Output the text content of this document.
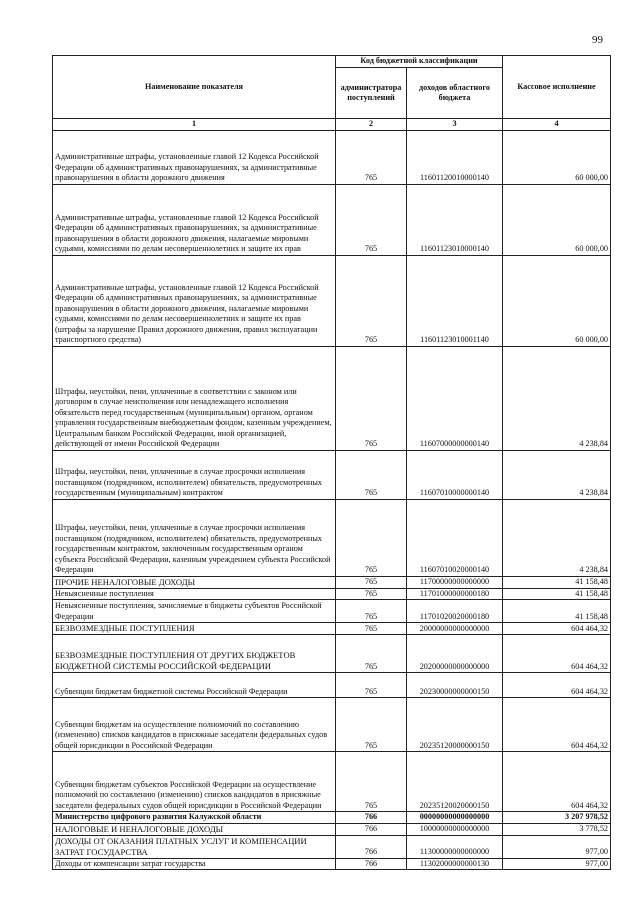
99
Наименование показателя	Код бюджетной классификации		Кассовое исполнение
	администратора поступлений	доходов областного бюджета	
1	2	3	4
Административные штрафы, установленные главой 12 Кодекса Российской Федерации об административных правонарушениях, за административные правонарушения в области дорожного движения	765	11601120010000140	60 000,00
Административные штрафы, установленные главой 12 Кодекса Российской Федерации об административных правонарушениях, за административные правонарушения в области дорожного движения, налагаемые мировыми судьями, комиссиями по делам несовершеннолетних и защите их прав	765	11601123010000140	60 000,00
Административные штрафы, установленные главой 12 Кодекса Российской Федерации об административных правонарушениях, за административные правонарушения в области дорожного движения, налагаемые мировыми судьями, комиссиями по делам несовершеннолетних и защите их прав (штрафы за нарушение Правил дорожного движения, правил эксплуатации транспортного средства)	765	11601123010001140	60 000,00
Штрафы, неустойки, пени, уплаченные в соответствии с законом или договором в случае неисполнения или ненадлежащего исполнения обязательств перед государственным (муниципальным) органом, органом управления государственным внебюджетным фондом, казенным учреждением, Центральным банком Российской Федерации, иной организацией, действующей от имени Российской Федерации	765	11607000000000140	4 238,84
Штрафы, неустойки, пени, уплаченные в случае просрочки исполнения поставщиком (подрядчиком, исполнителем) обязательств, предусмотренных государственным (муниципальным) контрактом	765	11607010000000140	4 238,84
Штрафы, неустойки, пени, уплаченные в случае просрочки исполнения поставщиком (подрядчиком, исполнителем) обязательств, предусмотренных государственным контрактом, заключенным государственным органом субъекта Российской Федерации, казенным учреждением субъекта Российской Федерации	765	11607010020000140	4 238,84
ПРОЧИЕ НЕНАЛОГОВЫЕ ДОХОДЫ	765	11700000000000000	41 158,48
Невыясненные поступления	765	11701000000000180	41 158,48
Невыясненные поступления, зачисляемые в бюджеты субъектов Российской Федерации	765	11701020020000180	41 158,48
БЕЗВОЗМЕЗДНЫЕ ПОСТУПЛЕНИЯ	765	20000000000000000	604 464,32
БЕЗВОЗМЕЗДНЫЕ ПОСТУПЛЕНИЯ ОТ ДРУГИХ БЮДЖЕТОВ БЮДЖЕТНОЙ СИСТЕМЫ РОССИЙСКОЙ ФЕДЕРАЦИИ	765	20200000000000000	604 464,32
Субвенции бюджетам бюджетной системы Российской Федерации	765	20230000000000150	604 464,32
Субвенции бюджетам на осуществление полномочий по составлению (изменению) списков кандидатов в присяжные заседатели федеральных судов общей юрисдикции в Российской Федерации	765	20235120000000150	604 464,32
Субвенции бюджетам субъектов Российской Федерации на осуществление полномочий по составлению (изменению) списков кандидатов в присяжные заседатели федеральных судов общей юрисдикции в Российской Федерации	765	20235120020000150	604 464,32
Министерство цифрового развития Калужской области	766	00000000000000000	3 207 978,52
НАЛОГОВЫЕ И НЕНАЛОГОВЫЕ ДОХОДЫ	766	10000000000000000	3 778,52
ДОХОДЫ ОТ ОКАЗАНИЯ ПЛАТНЫХ УСЛУГ И КОМПЕНСАЦИИ ЗАТРАТ ГОСУДАРСТВА	766	11300000000000000	977,00
Доходы от компенсации затрат государства	766	11302000000000130	977,00
